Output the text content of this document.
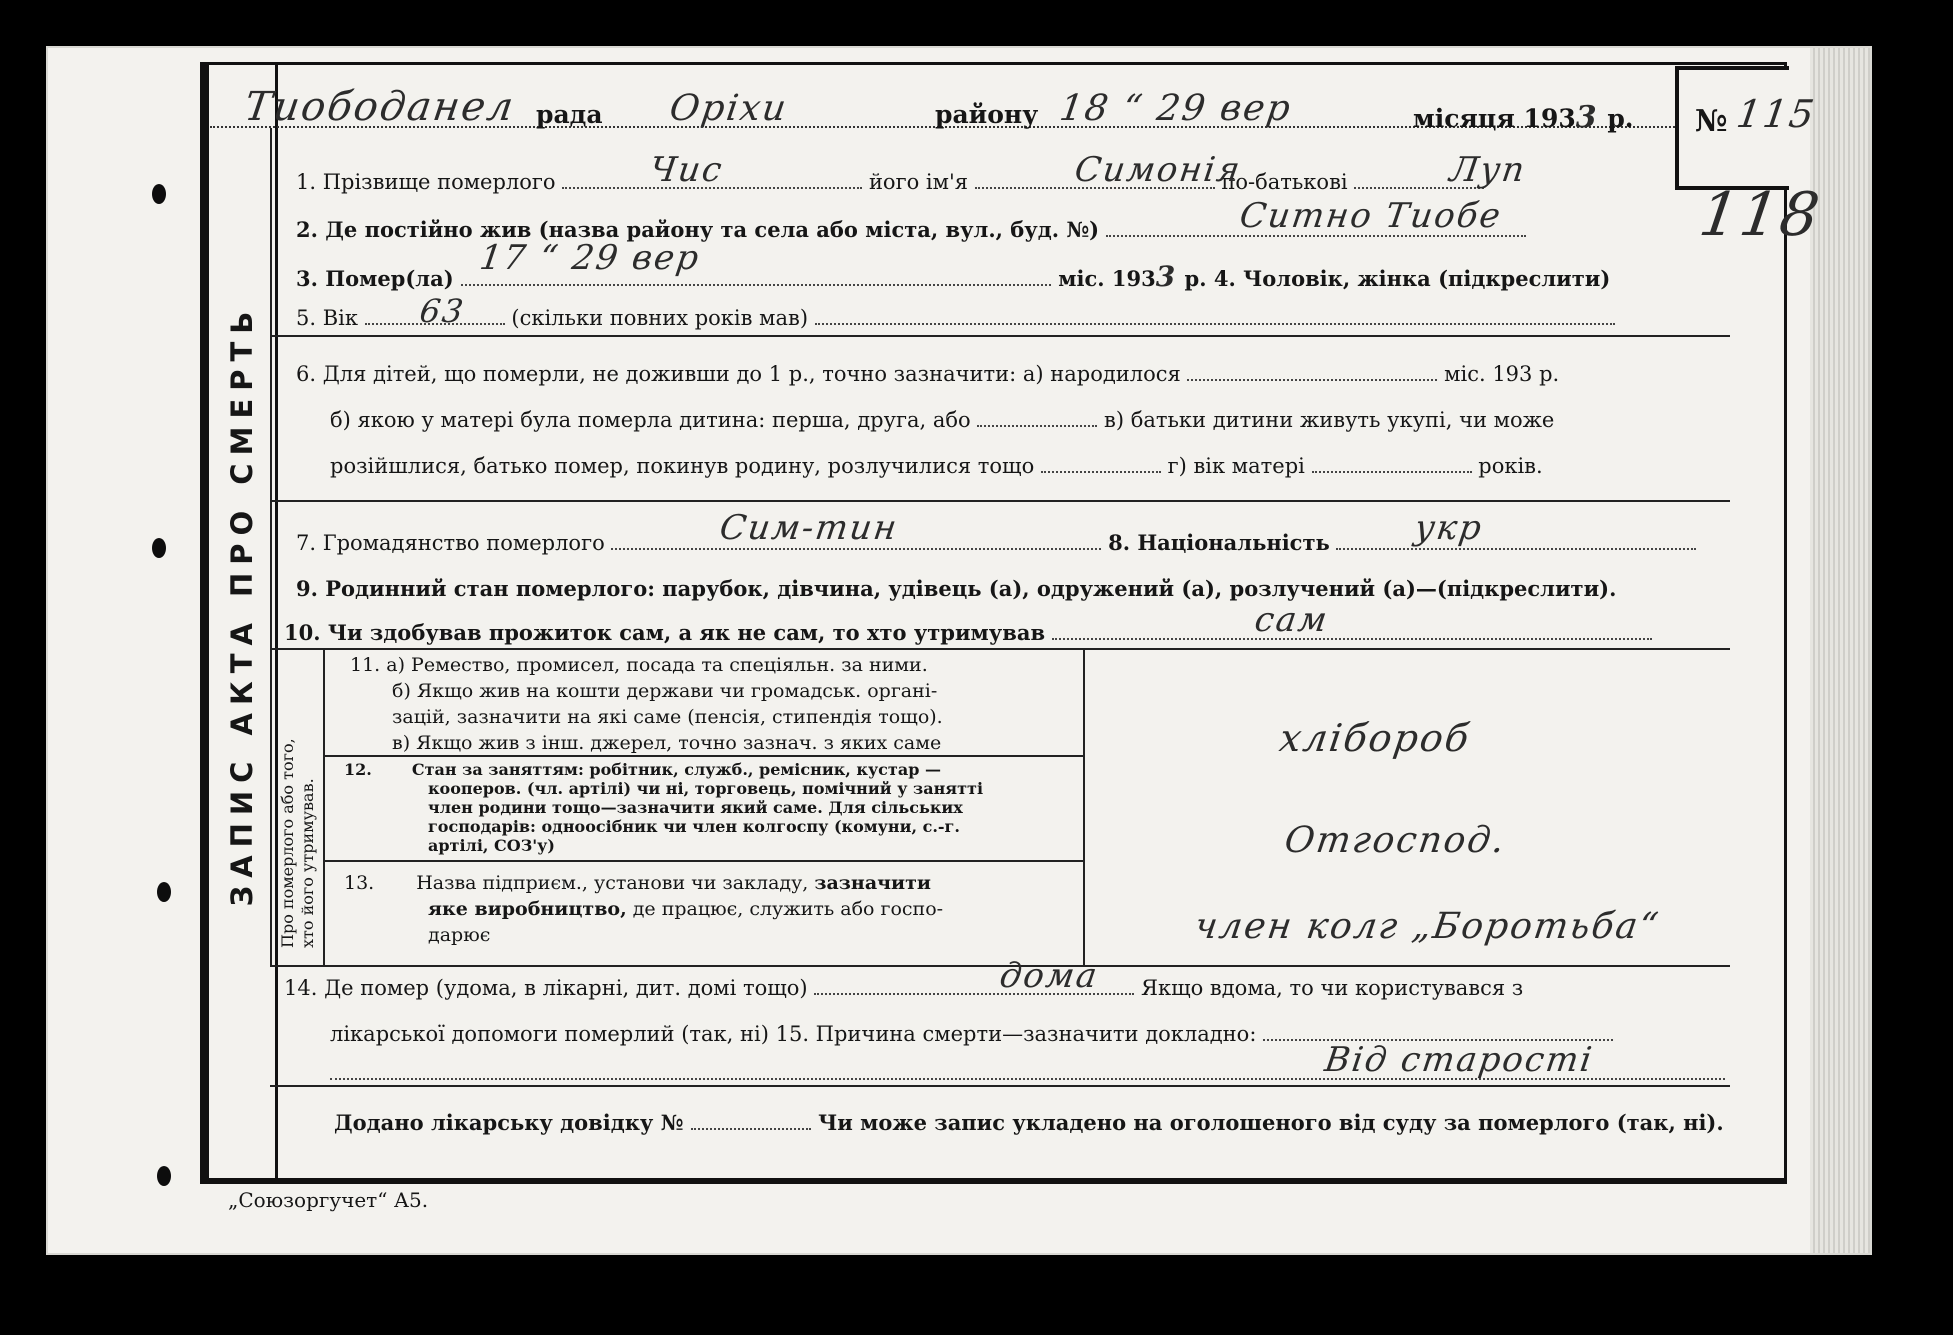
ЗАПИС АКТА ПРО СМЕРТЬ
№ 115
118
Тиободанел рада Оріхи	району 18 “ 29 вер	місяця 1933 р.
1. Прізвище померлого	його ім'я	по-батькові
Чис	Симонія	Луп
2. Де постійно жив (назва району та села або міста, вул., буд. №)	Ситно Тиобе
3. Помер(ла)	міс. 1933 р. 4. Чоловік, жінка (підкреслити)
17 “ 29 вер
5. Вік	(скільки повних років мав)
63
6. Для дітей, що померли, не доживши до 1 р., точно зазначити: а) народилося	міс. 193 р.
б) якою у матері була померла дитина: перша, друга, або	в) батьки дитини живуть укупі, чи може
розійшлися, батько помер, покинув родину, розлучилися тощо	г) вік матері	років.
7. Громадянство померлого	8. Національність
Сим-тин	укр
9. Родинний стан померлого: парубок, дівчина, удівець (а), одружений (а), розлучений (а)—(підкреслити).
10. Чи здобував прожиток сам, а як не сам, то хто утримував	сам
Про померлого або того, хто його утримував.
11. а) Ремество, промисел, посада та спеціяльн. за ними.
б) Якщо жив на кошти держави чи громадськ. органі-
зацій, зазначити на які саме (пенсія, стипендія тощо).
в) Якщо жив з інш. джерел, точно зазнач. з яких саме	хлібороб
12.	Стан за заняттям: робітник, служб., ремісник, кустар —
кооперов. (чл. артілі) чи ні, торговець, помічний у занятті
член родини тощо—зазначити який саме. Для сільських
господарів: одноосібник чи член колгоспу (комуни, с.-г.
артілі, СОЗ'у)	Отгоспод.
13. Назва підприєм., установи чи закладу, зазначити
яке виробництво, де працює, служить або госпо-
дарює	член колг „Боротьба“
14. Де помер (удома, в лікарні, дит. домі тощо)	Якщо вдома, то чи користувався з
дома
лікарської допомоги померлий (так, ні) 15. Причина смерти—зазначити докладно:
Від старості
Додано лікарську довідку №	Чи може запис укладено на оголошеного від суду за померлого (так, ні).
„Союзоргучет“ А5.
